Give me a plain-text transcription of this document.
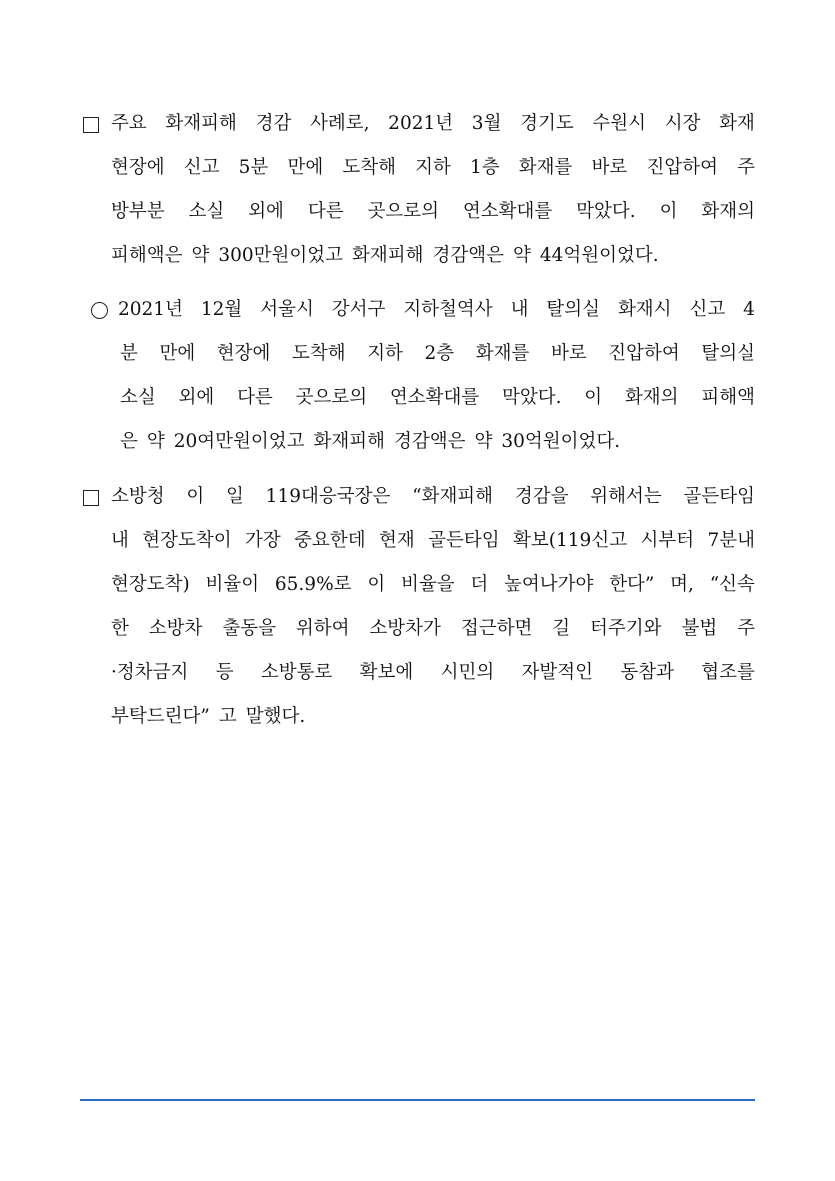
주요 화재피해 경감 사례로, 2021년 3월 경기도 수원시 시장 화재
현장에 신고 5분 만에 도착해 지하 1층 화재를 바로 진압하여 주
방부분 소실 외에 다른 곳으로의 연소확대를 막았다. 이 화재의
피해액은 약 300만원이었고 화재피해 경감액은 약 44억원이었다.
2021년 12월 서울시 강서구 지하철역사 내 탈의실 화재시 신고 4
분 만에 현장에 도착해 지하 2층 화재를 바로 진압하여 탈의실
소실 외에 다른 곳으로의 연소확대를 막았다. 이 화재의 피해액
은 약 20여만원이었고 화재피해 경감액은 약 30억원이었다.
소방청 이 일 119대응국장은 “화재피해 경감을 위해서는 골든타임
내 현장도착이 가장 중요한데 현재 골든타임 확보(119신고 시부터 7분내
현장도착) 비율이 65.9%로 이 비율을 더 높여나가야 한다” 며, “신속
한 소방차 출동을 위하여 소방차가 접근하면 길 터주기와 불법 주
·정차금지 등 소방통로 확보에 시민의 자발적인 동참과 협조를
부탁드린다” 고 말했다.
